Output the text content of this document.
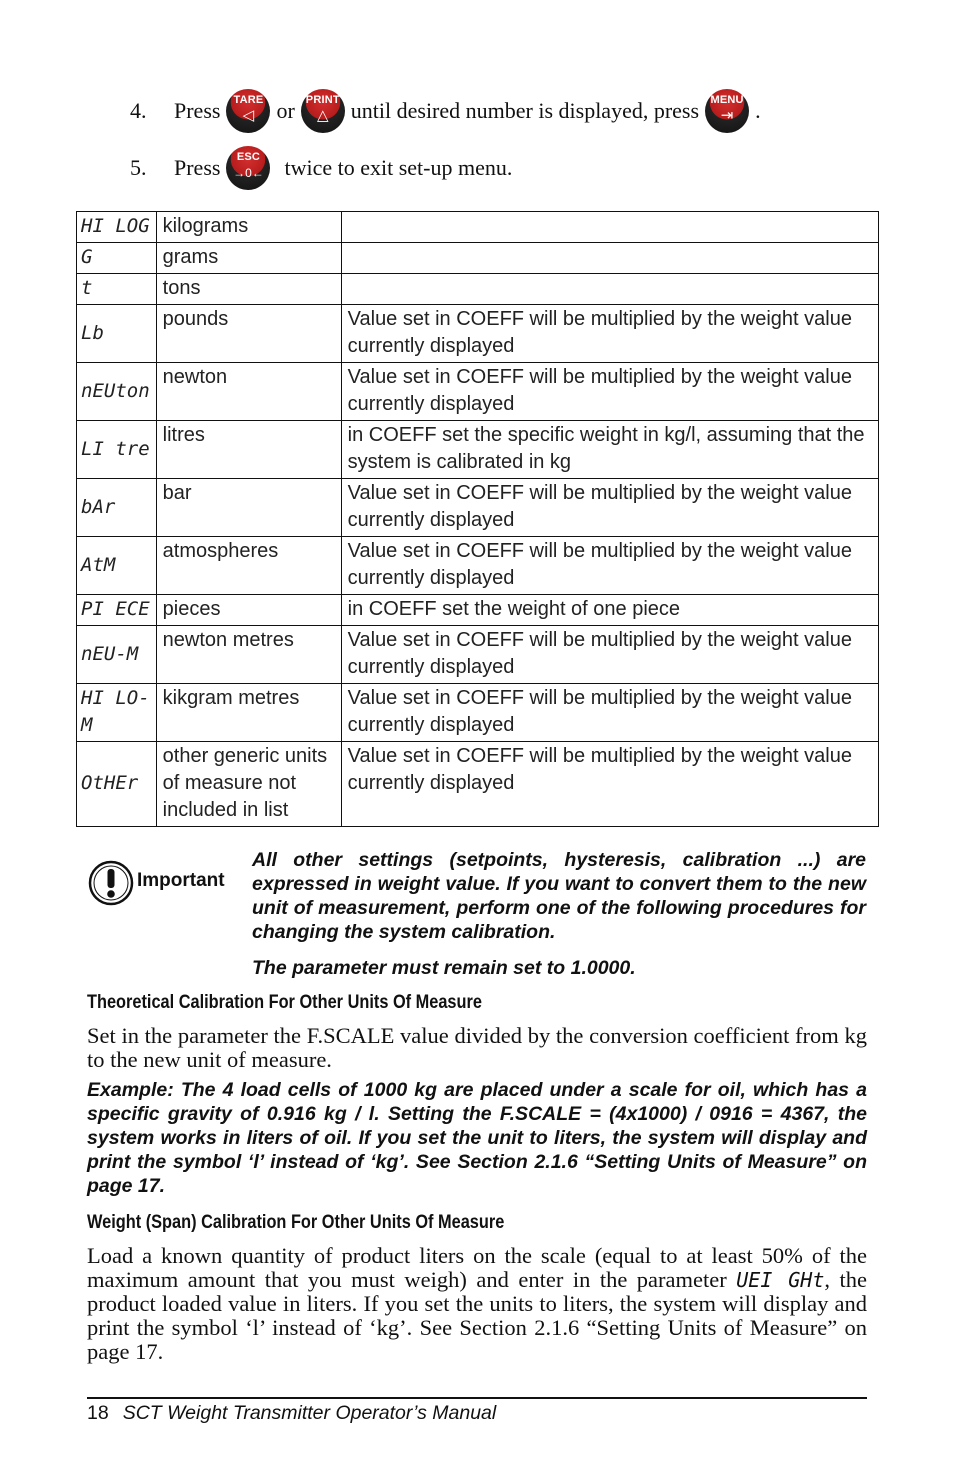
4.	Press TARE
◁ or PRINT
△ until desired number is displayed, press MENU
⇥ .
5.	Press ESC
→0← twice to exit set-up menu.
HI LOG	kilograms	
G	grams	
t	tons	
Lb	pounds	Value set in COEFF will be multiplied by the weight value currently displayed
nEUton	newton	Value set in COEFF will be multiplied by the weight value currently displayed
LI tre	litres	in COEFF set the specific weight in kg/l, assuming that the system is calibrated in kg
bAr	bar	Value set in COEFF will be multiplied by the weight value currently displayed
AtM	atmospheres	Value set in COEFF will be multiplied by the weight value currently displayed
PI ECE	pieces	in COEFF set the weight of one piece
nEU-M	newton metres	Value set in COEFF will be multiplied by the weight value currently displayed
HI LO-M	kikgram metres	Value set in COEFF will be multiplied by the weight value currently displayed
OtHEr	other generic units of measure not included in list	Value set in COEFF will be multiplied by the weight value currently displayed
Important
All other settings (setpoints, hysteresis, calibration ...) are expressed in weight value. If you want to convert them to the new unit of measurement, perform one of the following procedures for changing the system calibration.
The parameter must remain set to 1.0000.
Theoretical Calibration For Other Units Of Measure
Set in the parameter the F.SCALE value divided by the conversion coefficient from kg to the new unit of measure.
Example: The 4 load cells of 1000 kg are placed under a scale for oil, which has a specific gravity of 0.916 kg / l. Setting the F.SCALE = (4x1000) / 0916 = 4367, the system works in liters of oil. If you set the unit to liters, the system will display and print the symbol ‘l’ instead of ‘kg’. See Section 2.1.6 “Setting Units of Measure” on page 17.
Weight (Span) Calibration For Other Units Of Measure
Load a known quantity of product liters on the scale (equal to at least 50% of the maximum amount that you must weigh) and enter in the parameter UEI GHt, the product loaded value in liters. If you set the units to liters, the system will display and print the symbol ‘l’ instead of ‘kg’. See Section 2.1.6 “Setting Units of Measure” on page 17.
18 SCT Weight Transmitter Operator’s Manual
